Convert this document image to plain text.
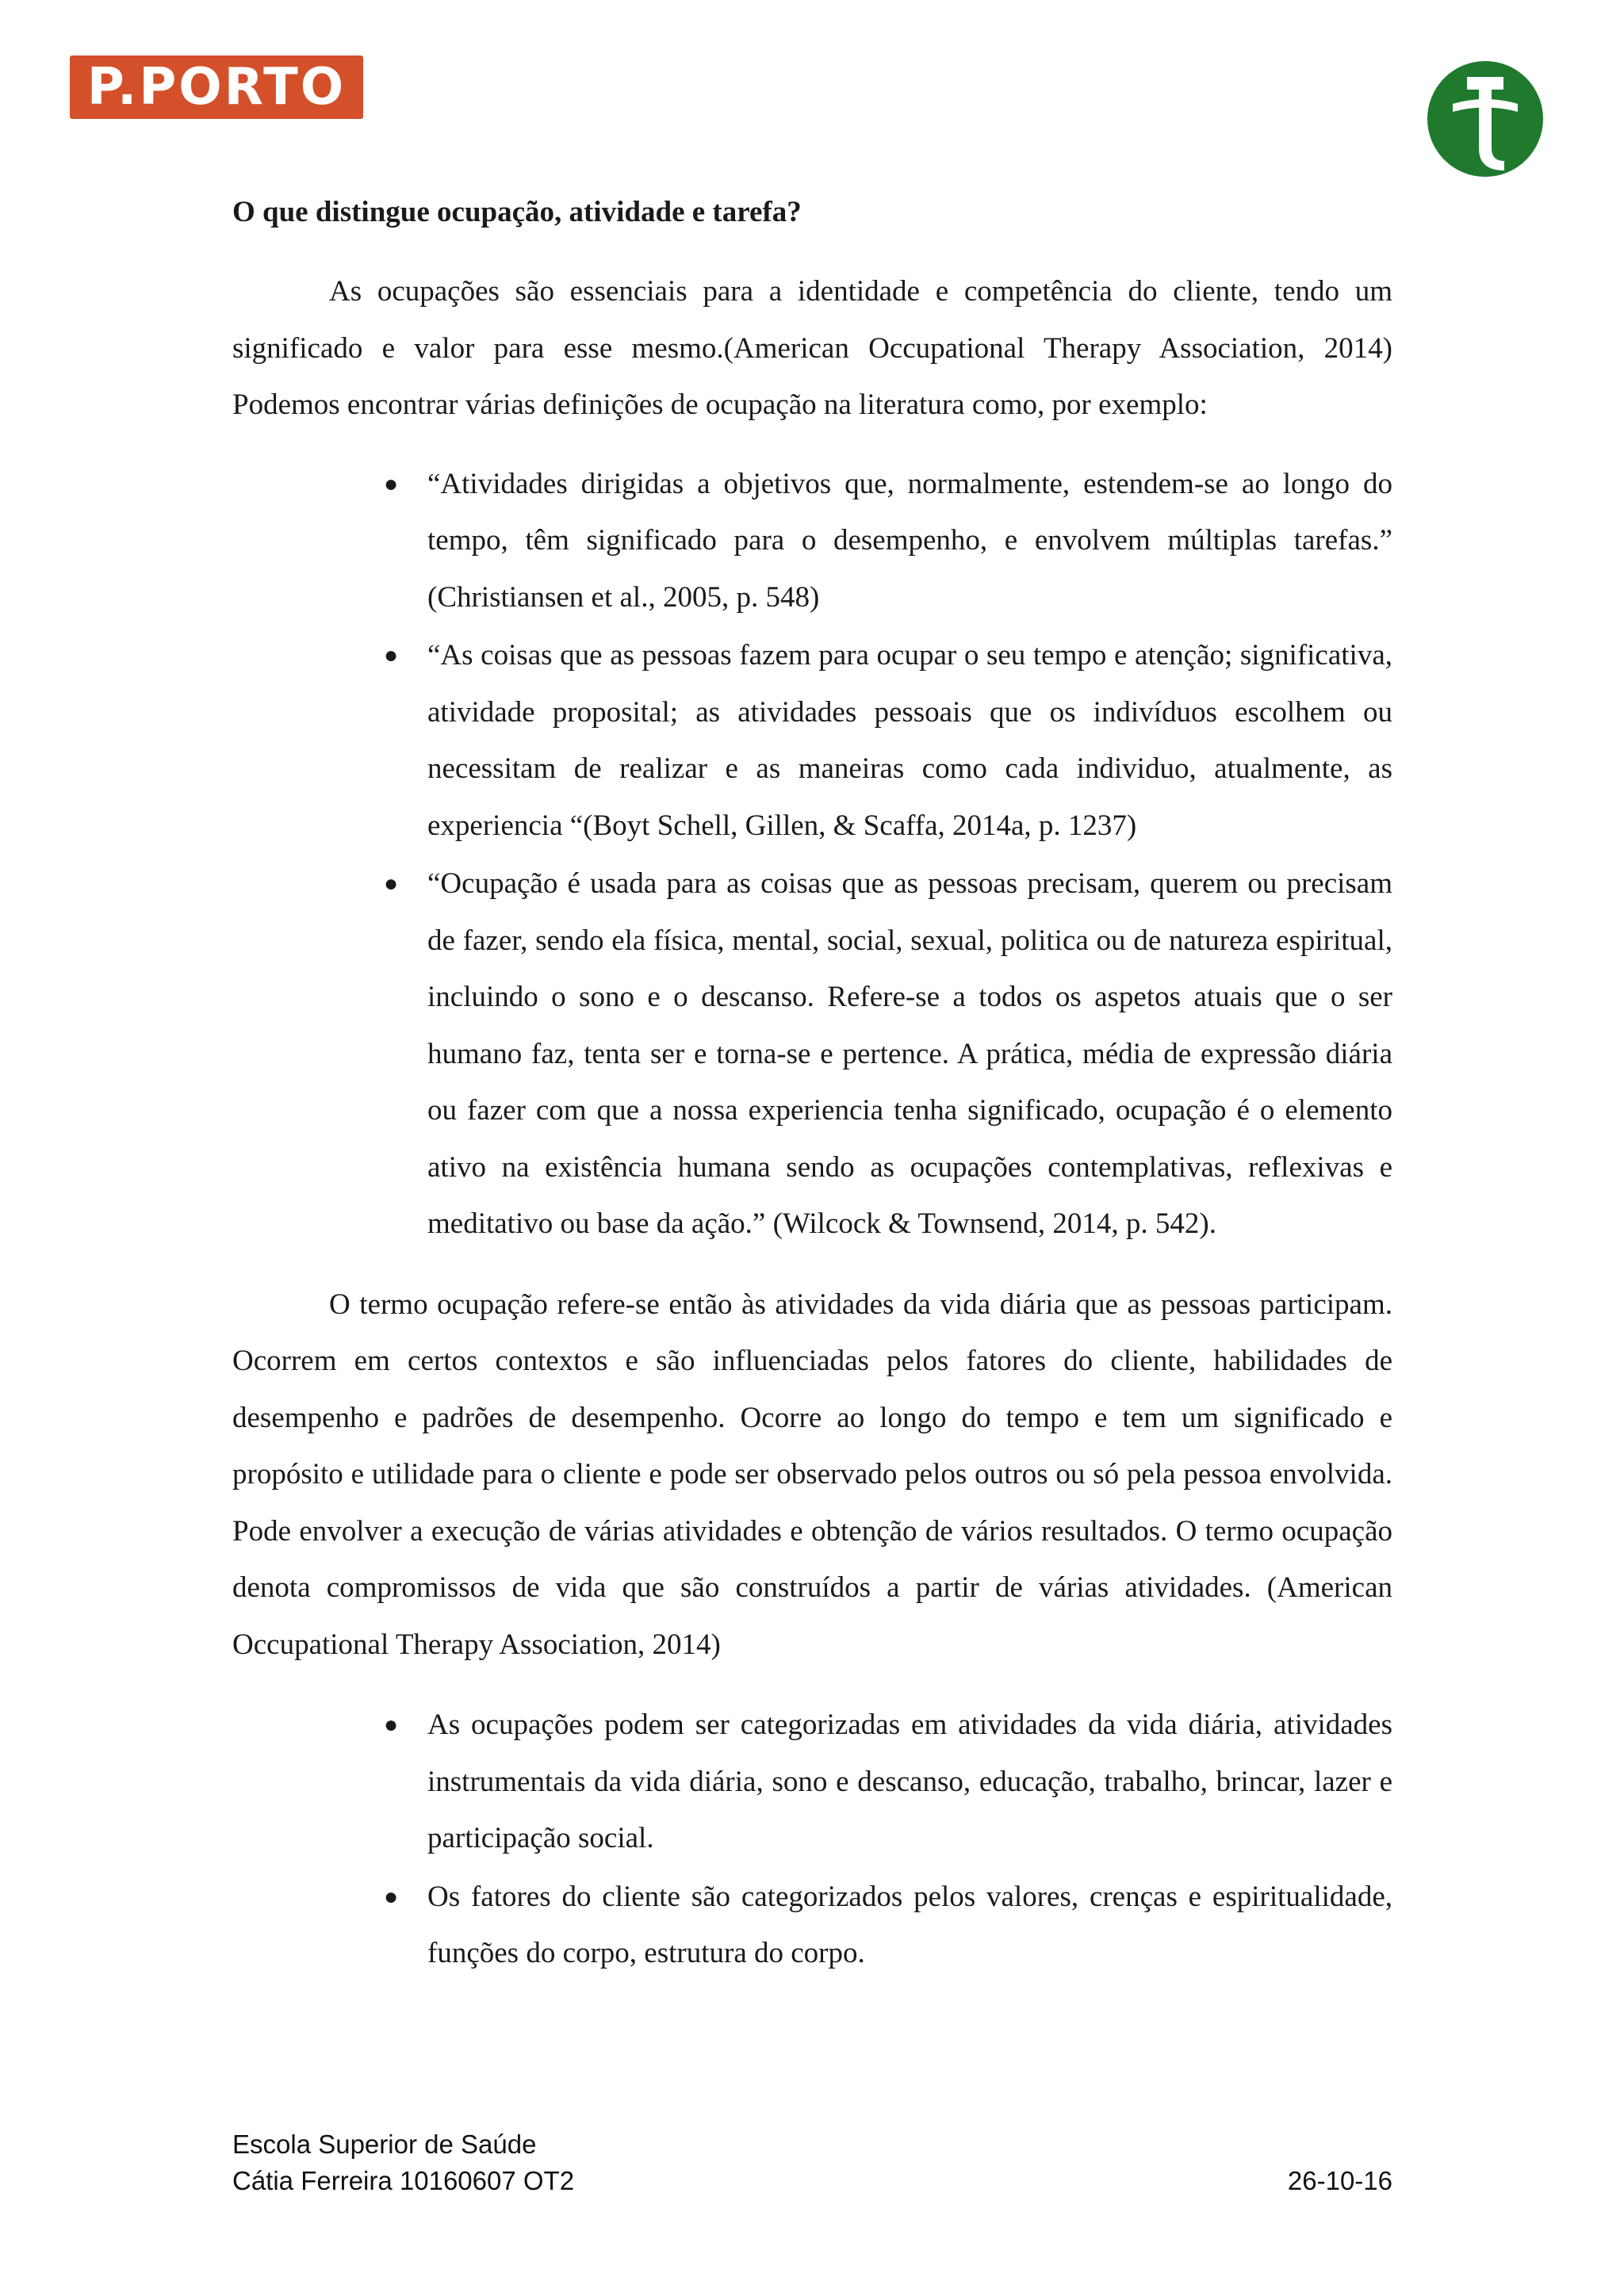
P.PORTO
O que distingue ocupação, atividade e tarefa?

As ocupações são essenciais para a identidade e competência do cliente, tendo um significado e valor para esse mesmo.(American Occupational Therapy Association, 2014) Podemos encontrar várias definições de ocupação na literatura como, por exemplo:

● “Atividades dirigidas a objetivos que, normalmente, estendem-se ao longo do tempo, têm significado para o desempenho, e envolvem múltiplas tarefas.” (Christiansen et al., 2005, p. 548)
● “As coisas que as pessoas fazem para ocupar o seu tempo e atenção; significativa, atividade proposital; as atividades pessoais que os indivíduos escolhem ou necessitam de realizar e as maneiras como cada individuo, atualmente, as experiencia “(Boyt Schell, Gillen, & Scaffa, 2014a, p. 1237)
● “Ocupação é usada para as coisas que as pessoas precisam, querem ou precisam de fazer, sendo ela física, mental, social, sexual, politica ou de natureza espiritual, incluindo o sono e o descanso. Refere-se a todos os aspetos atuais que o ser humano faz, tenta ser e torna-se e pertence. A prática, média de expressão diária ou fazer com que a nossa experiencia tenha significado, ocupação é o elemento ativo na existência humana sendo as ocupações contemplativas, reflexivas e meditativo ou base da ação.” (Wilcock & Townsend, 2014, p. 542).

O termo ocupação refere-se então às atividades da vida diária que as pessoas participam. Ocorrem em certos contextos e são influenciadas pelos fatores do cliente, habilidades de desempenho e padrões de desempenho. Ocorre ao longo do tempo e tem um significado e propósito e utilidade para o cliente e pode ser observado pelos outros ou só pela pessoa envolvida. Pode envolver a execução de várias atividades e obtenção de vários resultados. O termo ocupação denota compromissos de vida que são construídos a partir de várias atividades. (American Occupational Therapy Association, 2014)

● As ocupações podem ser categorizadas em atividades da vida diária, atividades instrumentais da vida diária, sono e descanso, educação, trabalho, brincar, lazer e participação social.
● Os fatores do cliente são categorizados pelos valores, crenças e espiritualidade, funções do corpo, estrutura do corpo.
Escola Superior de Saúde
Cátia Ferreira 10160607 OT2	26-10-16
